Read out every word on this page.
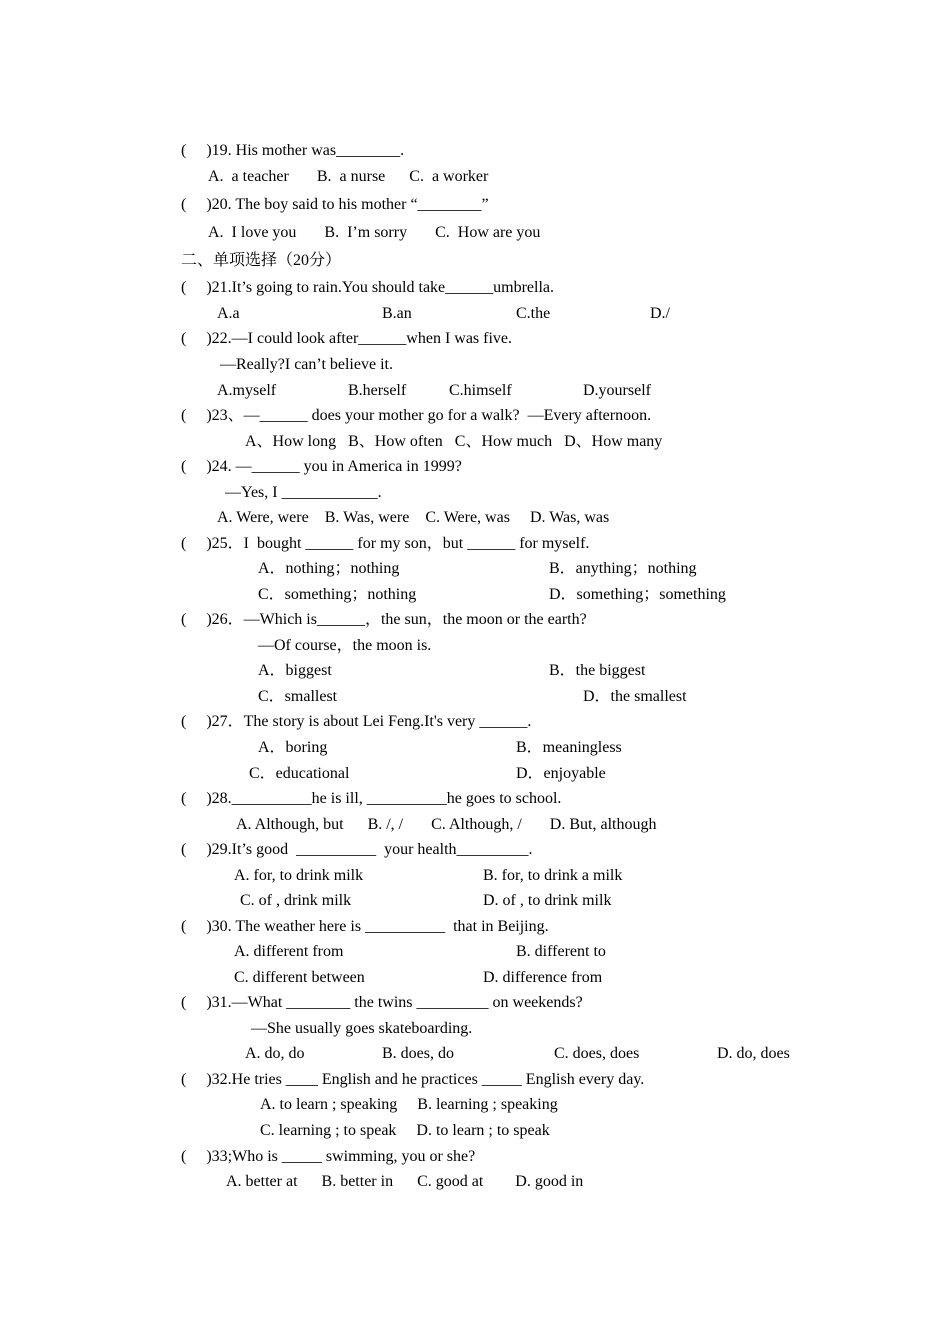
(     )19. His mother was________.
A.  a teacher       B.  a nurse      C.  a worker
(     )20. The boy said to his mother “________”
A.  I love you       B.  I’m sorry       C.  How are you
二、单项选择（20分）
(     )21.It’s going to rain.You should take______umbrella.
A.a	B.an	C.the	D./
(     )22.—I could look after______when I was five.
—Really?I can’t believe it.
A.myself	B.herself	C.himself	D.yourself
(     )23、—______ does your mother go for a walk?  —Every afternoon.
A、How long   B、How often   C、How much   D、How many
(     )24. —______ you in America in 1999?
—Yes, I ____________.
A. Were, were    B. Was, were    C. Were, was     D. Was, was
(     )25．I  bought ______ for my son，but ______ for myself.
A．nothing；nothing	B．anything；nothing
C．something；nothing	D．something；something
(     )26．—Which is______，the sun，the moon or the earth?
—Of course，the moon is.
A．biggest	B．the biggest
C．smallest	D．the smallest
(     )27．The story is about Lei Feng.It's very ______.
A．boring	B．meaningless
C．educational	D．enjoyable
(     )28.__________he is ill, __________he goes to school.
A. Although, but      B. /, /       C. Although, /       D. But, although
(     )29.It’s good  __________  your health_________.
A. for, to drink milk	B. for, to drink a milk
C. of , drink milk	D. of , to drink milk
(     )30. The weather here is __________  that in Beijing.
A. different from	B. different to
C. different between	D. difference from
(     )31.—What ________ the twins _________ on weekends?
—She usually goes skateboarding.
A. do, do	B. does, do	C. does, does	D. do, does
(     )32.He tries ____ English and he practices _____ English every day.
A. to learn ; speaking     B. learning ; speaking
C. learning ; to speak     D. to learn ; to speak
(     )33;Who is _____ swimming, you or she?
A. better at      B. better in      C. good at        D. good in
